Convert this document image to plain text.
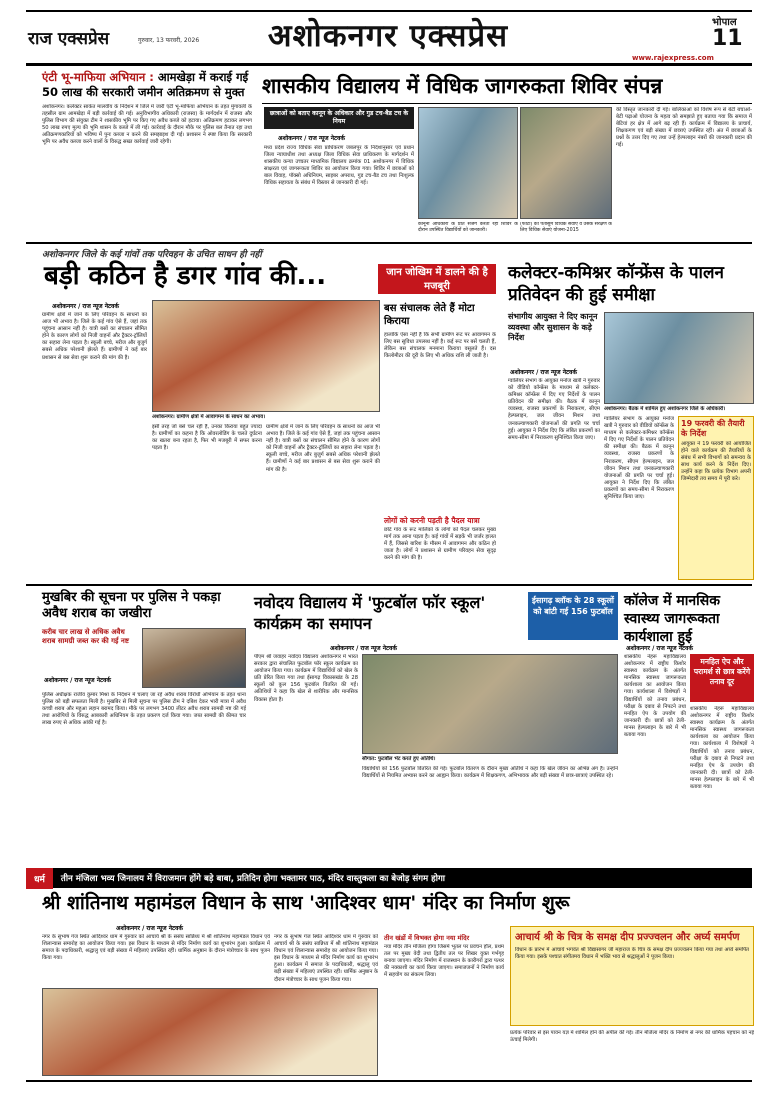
राज एक्सप्रेस	गुरुवार, 13 फरवरी, 2026	अशोकनगर एक्सप्रेस	भोपाल
11
www.rajexpress.com
एंटी भू-माफिया अभियान : आमखेड़ा में कराई गई
50 लाख की सरकारी जमीन अतिक्रमण से मुक्त
अशोकनगर। कलेक्टर साकेत मालवीय के निर्देशन में जिले में जारी एंटी भू-माफिया अभियान के तहत मुंगावली के तहसील ग्राम आमखेड़ा में बड़ी कार्रवाई की गई। अनुविभागीय अधिकारी (राजस्व) के मार्गदर्शन में राजस्व और पुलिस विभाग की संयुक्त टीम ने शासकीय भूमि पर किए गए अवैध कब्जे को हटाया। अतिक्रमण हटाकर लगभग 50 लाख रुपए मूल्य की भूमि शासन के कब्जे में ली गई। कार्रवाई के दौरान मौके पर पुलिस बल तैनात रहा तथा अतिक्रमणकारियों को भविष्य में पुनः कब्जा न करने की समझाइश दी गई। प्रशासन ने स्पष्ट किया कि सरकारी भूमि पर अवैध कब्जा करने वालों के विरुद्ध सख्त कार्रवाई जारी रहेगी।
शासकीय विद्यालय में विधिक जागरुकता शिविर संपन्न
छात्राओं को बताए कानून के अधिकार और गुड टच-बैड टच के नियम
अशोकनगर / राज न्यूज नेटवर्क
मध्य प्रदेश राज्य विधिक सेवा प्राधिकरण जबलपुर के निर्देशानुसार एवं प्रधान जिला न्यायाधीश तथा अध्यक्ष जिला विधिक सेवा प्राधिकरण के मार्गदर्शन में शासकीय कन्या उच्चतर माध्यमिक विद्यालय क्रमांक 01 अशोकनगर में विधिक साक्षरता एवं जागरूकता शिविर का आयोजन किया गया। शिविर में छात्राओं को बाल विवाह, पॉक्सो अधिनियम, साइबर अपराध, गुड टच-बैड टच तथा निःशुल्क विधिक सहायता के संबंध में विस्तार से जानकारी दी गई।
कानूनी अधिकारों के प्रति सजग करता रहा शिविर के दौरान उपस्थित विद्यार्थियों को जानकारी।
(फोटो) की पैंतीसुम विधिक सेवाएं व उसके संरक्षण के लिए विधिक सेवाएं योजना-2015
की विस्तृत जानकारी दी गई। बालिकाओं को विशेष रूप से बेटी बचाओ-बेटी पढ़ाओ योजना के महत्व को समझाते हुए बताया गया कि समाज में बेटियां हर क्षेत्र में आगे बढ़ रही हैं। कार्यक्रम में विद्यालय के प्राचार्य, शिक्षकगण एवं बड़ी संख्या में छात्राएं उपस्थित रहीं। अंत में छात्राओं के प्रश्नों के उत्तर दिए गए तथा उन्हें हेल्पलाइन नंबरों की जानकारी प्रदान की गई।
अशोकनगर जिले के कई गांवों तक परिवहन के उचित साधन ही नहीं
बड़ी कठिन है डगर गांव की...	जान जोखिम में डालने की है मजबूरी
अशोकनगर / राज न्यूज नेटवर्क
ग्रामीण क्षेत्रों में जाने के लिए परिवहन के साधनों का आज भी अभाव है। जिले के कई गांव ऐसे हैं, जहां तक पहुंचना आसान नहीं है। यात्री बसों का संचालन सीमित होने के कारण लोगों को निजी वाहनों और ट्रैक्टर-ट्रॉलियों का सहारा लेना पड़ता है। स्कूली बच्चे, मरीज और बुजुर्ग सबसे अधिक परेशानी झेलते हैं। ग्रामीणों ने कई बार प्रशासन से बस सेवा शुरू कराने की मांग की है।
अशोकनगर। ग्रामीण क्षेत्रों में आवागमन के साधन का अभाव।
इसी तरह जो बसें चल रही हैं, उनका किराया बहुत ज्यादा है। ग्रामीणों का कहना है कि ओवरलोडिंग के चलते दुर्घटना का खतरा बना रहता है, फिर भी मजबूरी में सफर करना पड़ता है।
ग्रामीण क्षेत्रों में जाने के लिए परिवहन के साधनों का आज भी अभाव है। जिले के कई गांव ऐसे हैं, जहां तक पहुंचना आसान नहीं है। यात्री बसों का संचालन सीमित होने के कारण लोगों को निजी वाहनों और ट्रैक्टर-ट्रॉलियों का सहारा लेना पड़ता है। स्कूली बच्चे, मरीज और बुजुर्ग सबसे अधिक परेशानी झेलते हैं। ग्रामीणों ने कई बार प्रशासन से बस सेवा शुरू कराने की मांग की है।
बस संचालक लेते हैं मोटा किराया
हालांकि ऐसा नहीं है कि सभी ग्रामीण रूट पर आवागमन के लिए बस सुविधा उपलब्ध नहीं है। कई रूट पर बसें चलती हैं, लेकिन बस संचालक मनमाना किराया वसूलते हैं। दस किलोमीटर की दूरी के लिए भी अधिक राशि ली जाती है।
लोगों को करनी पड़ती है पैदल यात्रा
छोटे गांव के रूट मालिकों के लोगों को पैदल चलकर मुख्य मार्ग तक आना पड़ता है। कई गांवों में सड़कें भी जर्जर हालत में हैं, जिससे बारिश के मौसम में आवागमन और कठिन हो जाता है। लोगों ने प्रशासन से ग्रामीण परिवहन सेवा सुदृढ़ करने की मांग की है।
कलेक्टर-कमिश्नर कॉन्फ्रेंस के पालन प्रतिवेदन की हुई समीक्षा
संभागीय आयुक्त ने दिए कानून व्यवस्था और सुशासन के कड़े निर्देश
अशोकनगर / राज न्यूज नेटवर्क
ग्वालियर संभाग के आयुक्त मनोज खत्री ने गुरुवार को वीडियो कॉन्फ्रेंस के माध्यम से कलेक्टर-कमिश्नर कॉन्फ्रेंस में दिए गए निर्देशों के पालन प्रतिवेदन की समीक्षा की। बैठक में कानून व्यवस्था, राजस्व प्रकरणों के निराकरण, सीएम हेल्पलाइन, जल जीवन मिशन तथा जनकल्याणकारी योजनाओं की प्रगति पर चर्चा हुई। आयुक्त ने निर्देश दिए कि लंबित प्रकरणों का समय-सीमा में निराकरण सुनिश्चित किया जाए।
अशोकनगर। बैठक में शामिल हुए अशोकनगर जिले के अधिकारी।
ग्वालियर संभाग के आयुक्त मनोज खत्री ने गुरुवार को वीडियो कॉन्फ्रेंस के माध्यम से कलेक्टर-कमिश्नर कॉन्फ्रेंस में दिए गए निर्देशों के पालन प्रतिवेदन की समीक्षा की। बैठक में कानून व्यवस्था, राजस्व प्रकरणों के निराकरण, सीएम हेल्पलाइन, जल जीवन मिशन तथा जनकल्याणकारी योजनाओं की प्रगति पर चर्चा हुई। आयुक्त ने निर्देश दिए कि लंबित प्रकरणों का समय-सीमा में निराकरण सुनिश्चित किया जाए।
19 फरवरी की तैयारी के निर्देश
आयुक्त ने 19 फरवरी को आयोजित होने वाले कार्यक्रम की तैयारियों के संबंध में सभी विभागों को समन्वय के साथ कार्य करने के निर्देश दिए। उन्होंने कहा कि प्रत्येक विभाग अपनी जिम्मेदारी तय समय में पूरी करे।
मुखबिर की सूचना पर पुलिस ने पकड़ा अवैध शराब का जखीरा
करीब चार लाख से अधिक अवैध शराब सामग्री जब्त कर की गई नष्ट
अशोकनगर / राज न्यूज नेटवर्क
पुलिस अधीक्षक राजीव कुमार मिश्रा के निर्देशन में चलाए जा रहे अवैध शराब विरोधी अभियान के तहत थाना पुलिस को बड़ी सफलता मिली है। मुखबिर से मिली सूचना पर पुलिस टीम ने दबिश देकर भारी मात्रा में अवैध कच्ची शराब और महुआ लहान बरामद किया। मौके पर लगभग 3400 लीटर अवैध शराब सामग्री नष्ट की गई तथा आरोपियों के विरुद्ध आबकारी अधिनियम के तहत प्रकरण दर्ज किया गया। जब्त सामग्री की कीमत चार लाख रुपए से अधिक आंकी गई है।
नवोदय विद्यालय में 'फुटबॉल फॉर स्कूल' कार्यक्रम का समापन
ईसागढ़ ब्लॉक के 28 स्कूलों को बांटी गई 156 फुटबॉल
अशोकनगर / राज न्यूज नेटवर्क
पीएम श्री जवाहर नवोदय विद्यालय अशोकनगर में भारत सरकार द्वारा संचालित फुटबॉल फॉर स्कूल कार्यक्रम का आयोजन किया गया। कार्यक्रम में विद्यार्थियों को खेल के प्रति प्रेरित किया गया तथा ईसागढ़ विकासखंड के 28 स्कूलों को कुल 156 फुटबॉल वितरित की गईं। अतिथियों ने कहा कि खेल से शारीरिक और मानसिक विकास होता है।
सौगात: फुटबॉल भेंट करते हुए अतिथि।
विद्यार्थियों को 156 फुटबॉल वितरित की गईं। फुटबॉल वितरण के दौरान मुख्य अतिथि ने कहा कि खेल जीवन का अभिन्न अंग है। उन्होंने विद्यार्थियों से नियमित अभ्यास करने का आह्वान किया। कार्यक्रम में शिक्षकगण, अभिभावक और बड़ी संख्या में छात्र-छात्राएं उपस्थित रहे।
कॉलेज में मानसिक स्वास्थ्य जागरूकता कार्यशाला हुई
अशोकनगर / राज न्यूज नेटवर्क
शासकीय नेहरू महाविद्यालय अशोकनगर में राष्ट्रीय किशोर स्वास्थ्य कार्यक्रम के अंतर्गत मानसिक स्वास्थ्य जागरूकता कार्यशाला का आयोजन किया गया। कार्यशाला में विशेषज्ञों ने विद्यार्थियों को तनाव प्रबंधन, परीक्षा के दबाव से निपटने तथा मनहित ऐप के उपयोग की जानकारी दी। छात्रों को टेली-मानस हेल्पलाइन के बारे में भी बताया गया।
मनहित ऐप और परामर्श से छात्र करेंगे तनाव दूर
शासकीय नेहरू महाविद्यालय अशोकनगर में राष्ट्रीय किशोर स्वास्थ्य कार्यक्रम के अंतर्गत मानसिक स्वास्थ्य जागरूकता कार्यशाला का आयोजन किया गया। कार्यशाला में विशेषज्ञों ने विद्यार्थियों को तनाव प्रबंधन, परीक्षा के दबाव से निपटने तथा मनहित ऐप के उपयोग की जानकारी दी। छात्रों को टेली-मानस हेल्पलाइन के बारे में भी बताया गया।
धर्म	तीन मंजिला भव्य जिनालय में विराजमान होंगे बड़े बाबा, प्रतिदिन होगा भक्तामर पाठ, मंदिर वास्तुकला का बेजोड़ संगम होगा
श्री शांतिनाथ महामंडल विधान के साथ 'आदिश्वर धाम' मंदिर का निर्माण शुरू
अशोकनगर / राज न्यूज नेटवर्क
नगर के सुभाष गंज स्थित आदिश्वर धाम में गुरुवार को आचार्य श्री के ससंघ सान्निध्य में श्री शांतिनाथ महामंडल विधान एवं शिलान्यास समारोह का आयोजन किया गया। इस विधान के माध्यम से मंदिर निर्माण कार्य का शुभारंभ हुआ। कार्यक्रम में समाज के पदाधिकारी, श्रद्धालु एवं बड़ी संख्या में महिलाएं उपस्थित रहीं। धार्मिक अनुष्ठान के दौरान मंत्रोच्चार के साथ पूजन किया गया।
नगर के सुभाष गंज स्थित आदिश्वर धाम में गुरुवार को आचार्य श्री के ससंघ सान्निध्य में श्री शांतिनाथ महामंडल विधान एवं शिलान्यास समारोह का आयोजन किया गया। इस विधान के माध्यम से मंदिर निर्माण कार्य का शुभारंभ हुआ। कार्यक्रम में समाज के पदाधिकारी, श्रद्धालु एवं बड़ी संख्या में महिलाएं उपस्थित रहीं। धार्मिक अनुष्ठान के दौरान मंत्रोच्चार के साथ पूजन किया गया।
तीन खंडों में विभक्त होगा नया मंदिर
नया मंदिर तीन मंजिला होगा जिसमें भूतल पर प्रवचन हॉल, प्रथम तल पर मुख्य वेदी तथा द्वितीय तल पर शिखर युक्त गर्भगृह बनाया जाएगा। मंदिर निर्माण में राजस्थान के कारीगरों द्वारा पत्थर की नक्काशी का कार्य किया जाएगा। समाजजनों ने निर्माण कार्य में सहयोग का संकल्प लिया।
आचार्य श्री के चित्र के समक्ष दीप प्रज्ज्वलन और अर्घ्य समर्पण
विधान के प्रारंभ में आचार्य भगवंत श्री विद्यासागर जी महाराज के चित्र के समक्ष दीप प्रज्ज्वलन किया गया तथा अर्घ्य समर्पित किया गया। इसके पश्चात संगीतमय विधान में भक्ति भाव से श्रद्धालुओं ने पूजन किया।
प्रत्येक परिवार से इस पावन यज्ञ में शामिल होने की अपील की गई। तीन मंजिला मंदिर के निर्माण से नगर की धार्मिक पहचान को नई ऊंचाई मिलेगी।
